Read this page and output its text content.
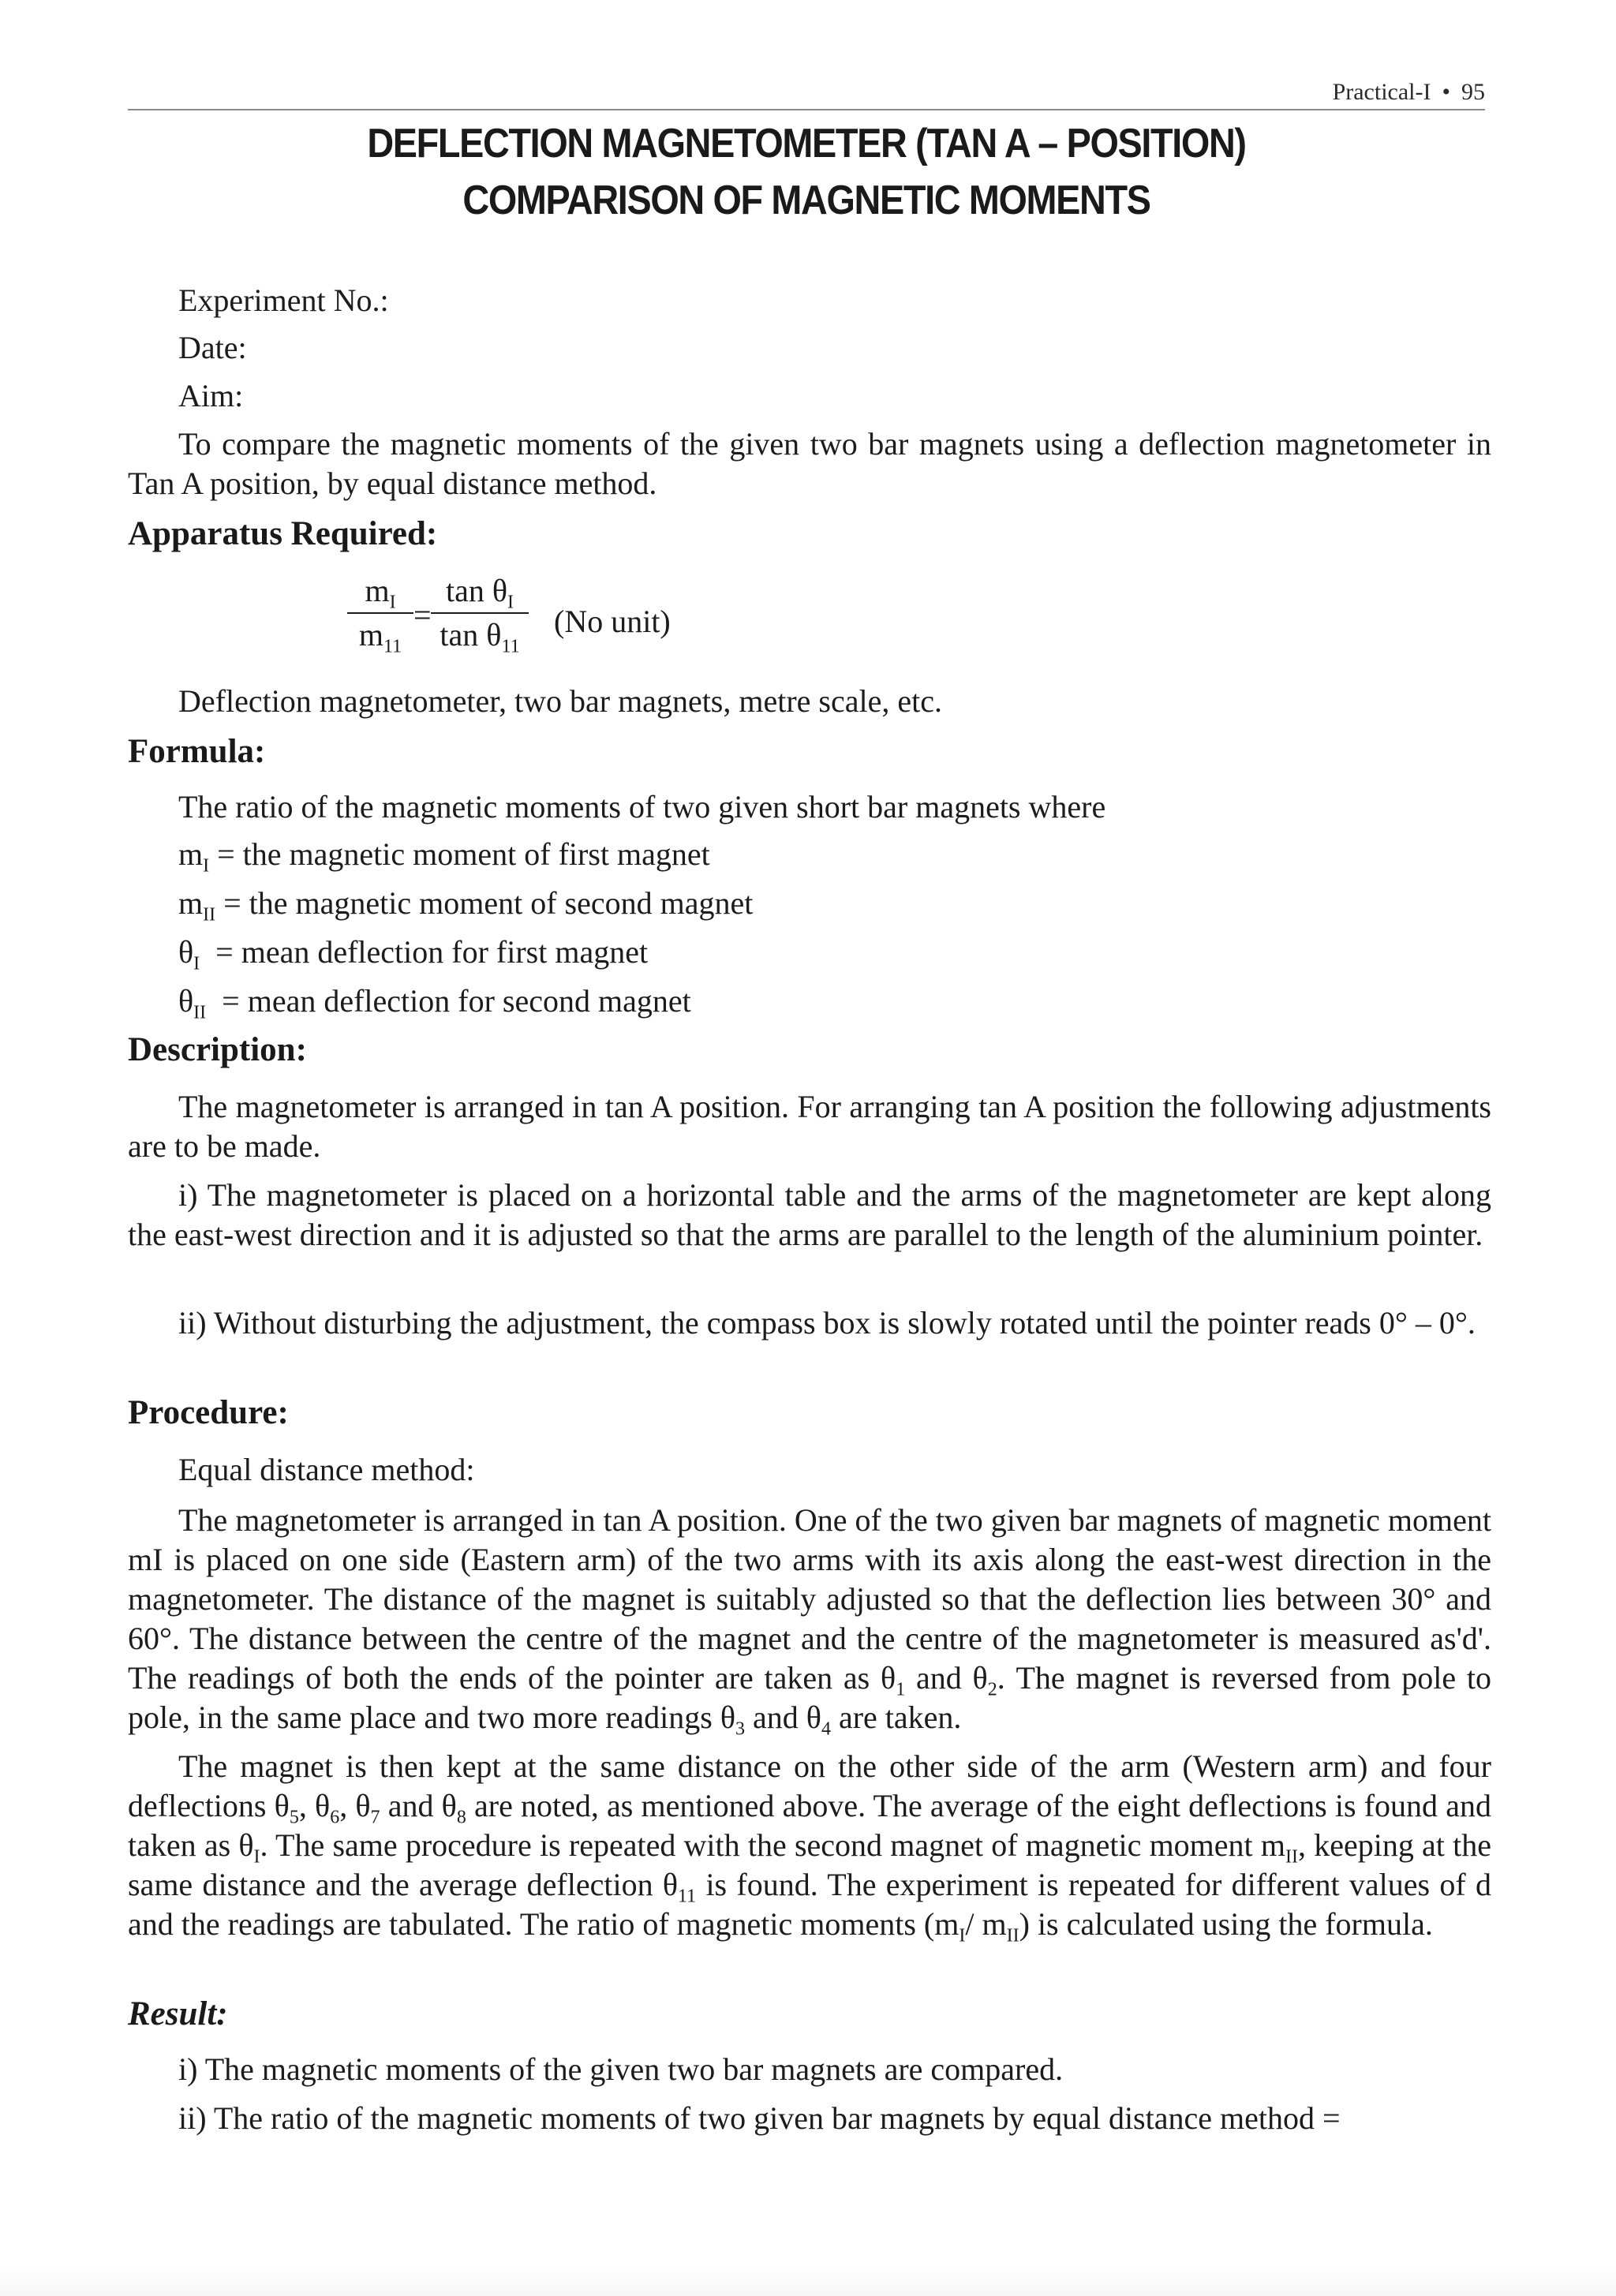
Practical-I • 95
DEFLECTION MAGNETOMETER (TAN A – POSITION)
COMPARISON OF MAGNETIC MOMENTS
Experiment No.:
Date:
Aim:
To compare the magnetic moments of the given two bar magnets using a deflection magnetometer in Tan A position, by equal distance method.
Apparatus Required:
$m_I$
$m_{11}$
=
$\tan \theta_I$
$\tan \theta_{11}$
(No unit)
Deflection magnetometer, two bar magnets, metre scale, etc.
Formula:
The ratio of the magnetic moments of two given short bar magnets where
$m_I$ = the magnetic moment of first magnet
$m_{II}$ = the magnetic moment of second magnet
$\theta_I$  = mean deflection for first magnet
$\theta_{II}$  = mean deflection for second magnet
Description:
The magnetometer is arranged in tan A position. For arranging tan A position the following adjustments are to be made.
i) The magnetometer is placed on a horizontal table and the arms of the magnetometer are kept along the east-west direction and it is adjusted so that the arms are parallel to the length of the aluminium pointer.
ii) Without disturbing the adjustment, the compass box is slowly rotated until the pointer reads 0° – 0°.
Procedure:
Equal distance method:
The magnetometer is arranged in tan A position. One of the two given bar magnets of magnetic moment mI is placed on one side (Eastern arm) of the two arms with its axis along the east-west direction in the magnetometer. The distance of the magnet is suitably adjusted so that the deflection lies between 30° and 60°. The distance between the centre of the magnet and the centre of the magnetometer is measured as'd'. The readings of both the ends of the pointer are taken as $\theta_1$ and $\theta_2$. The magnet is reversed from pole to pole, in the same place and two more readings $\theta_3$ and $\theta_4$ are taken.
The magnet is then kept at the same distance on the other side of the arm (Western arm) and four deflections $\theta_5$, $\theta_6$, $\theta_7$ and $\theta_8$ are noted, as mentioned above. The average of the eight deflections is found and taken as $\theta_I$. The same procedure is repeated with the second magnet of magnetic moment $m_{II}$, keeping at the same distance and the average deflection $\theta_{11}$ is found. The experiment is repeated for different values of d and the readings are tabulated. The ratio of magnetic moments ($m_I/$ $m_{II}$) is calculated using the formula.
Result:
i) The magnetic moments of the given two bar magnets are compared.
ii) The ratio of the magnetic moments of two given bar magnets by equal distance method =
